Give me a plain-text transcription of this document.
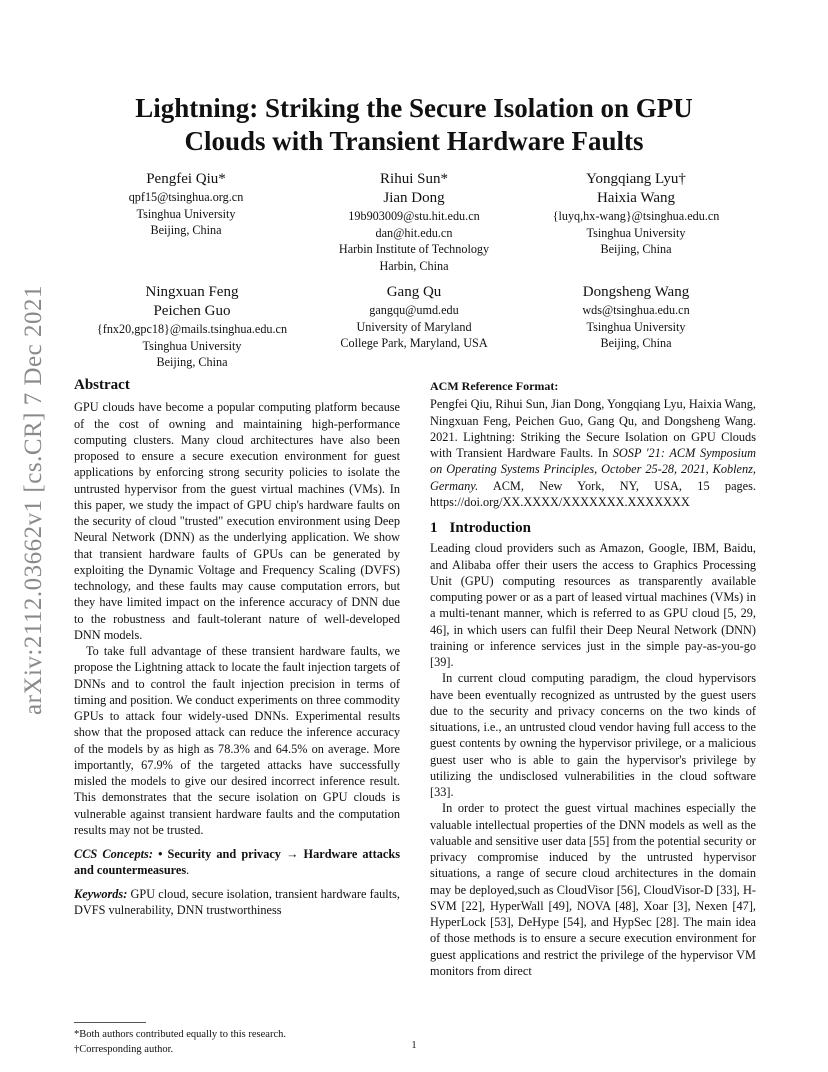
arXiv:2112.03662v1 [cs.CR] 7 Dec 2021
Lightning: Striking the Secure Isolation on GPU
Clouds with Transient Hardware Faults
Pengfei Qiu*
qpf15@tsinghua.org.cn
Tsinghua University
Beijing, China
Rihui Sun*
Jian Dong
19b903009@stu.hit.edu.cn
dan@hit.edu.cn
Harbin Institute of Technology
Harbin, China
Yongqiang Lyu†
Haixia Wang
{luyq,hx-wang}@tsinghua.edu.cn
Tsinghua University
Beijing, China
Ningxuan Feng
Peichen Guo
{fnx20,gpc18}@mails.tsinghua.edu.cn
Tsinghua University
Beijing, China
Gang Qu
gangqu@umd.edu
University of Maryland
College Park, Maryland, USA
Dongsheng Wang
wds@tsinghua.edu.cn
Tsinghua University
Beijing, China
Abstract

GPU clouds have become a popular computing platform because of the cost of owning and maintaining high-performance computing clusters. Many cloud architectures have also been proposed to ensure a secure execution environment for guest applications by enforcing strong security policies to isolate the untrusted hypervisor from the guest virtual machines (VMs). In this paper, we study the impact of GPU chip's hardware faults on the security of cloud "trusted" execution environment using Deep Neural Network (DNN) as the underlying application. We show that transient hardware faults of GPUs can be generated by exploiting the Dynamic Voltage and Frequency Scaling (DVFS) technology, and these faults may cause computation errors, but they have limited impact on the inference accuracy of DNN due to the robustness and fault-tolerant nature of well-developed DNN models.

To take full advantage of these transient hardware faults, we propose the Lightning attack to locate the fault injection targets of DNNs and to control the fault injection precision in terms of timing and position. We conduct experiments on three commodity GPUs to attack four widely-used DNNs. Experimental results show that the proposed attack can reduce the inference accuracy of the models by as high as 78.3% and 64.5% on average. More importantly, 67.9% of the targeted attacks have successfully misled the models to give our desired incorrect inference result. This demonstrates that the secure isolation on GPU clouds is vulnerable against transient hardware faults and the computation results may not be trusted.

CCS Concepts: • Security and privacy → Hardware attacks and countermeasures.

Keywords: GPU cloud, secure isolation, transient hardware faults, DVFS vulnerability, DNN trustworthiness

*Both authors contributed equally to this research.
†Corresponding author.
ACM Reference Format:

Pengfei Qiu, Rihui Sun, Jian Dong, Yongqiang Lyu, Haixia Wang, Ningxuan Feng, Peichen Guo, Gang Qu, and Dongsheng Wang. 2021. Lightning: Striking the Secure Isolation on GPU Clouds with Transient Hardware Faults. In SOSP '21: ACM Symposium on Operating Systems Principles, October 25-28, 2021, Koblenz, Germany. ACM, New York, NY, USA, 15 pages. https://doi.org/XX.XXXX/XXXXXXX.XXXXXXX

1 Introduction

Leading cloud providers such as Amazon, Google, IBM, Baidu, and Alibaba offer their users the access to Graphics Processing Unit (GPU) computing resources as transparently available computing power or as a part of leased virtual machines (VMs) in a multi-tenant manner, which is referred to as GPU cloud [5, 29, 46], in which users can fulfil their Deep Neural Network (DNN) training or inference services just in the simple pay-as-you-go [39].

In current cloud computing paradigm, the cloud hypervisors have been eventually recognized as untrusted by the guest users due to the security and privacy concerns on the two kinds of situations, i.e., an untrusted cloud vendor having full access to the guest contents by owning the hypervisor privilege, or a malicious guest user who is able to gain the hypervisor's privilege by utilizing the undisclosed vulnerabilities in the cloud software [33].

In order to protect the guest virtual machines especially the valuable intellectual properties of the DNN models as well as the valuable and sensitive user data [55] from the potential security or privacy compromise induced by the untrusted hypervisor situations, a range of secure cloud architectures in the domain may be deployed,such as CloudVisor [56], CloudVisor-D [33], H-SVM [22], HyperWall [49], NOVA [48], Xoar [3], Nexen [47], HyperLock [53], DeHype [54], and HypSec [28]. The main idea of those methods is to ensure a secure execution environment for guest applications and restrict the privilege of the hypervisor VM monitors from direct

1
